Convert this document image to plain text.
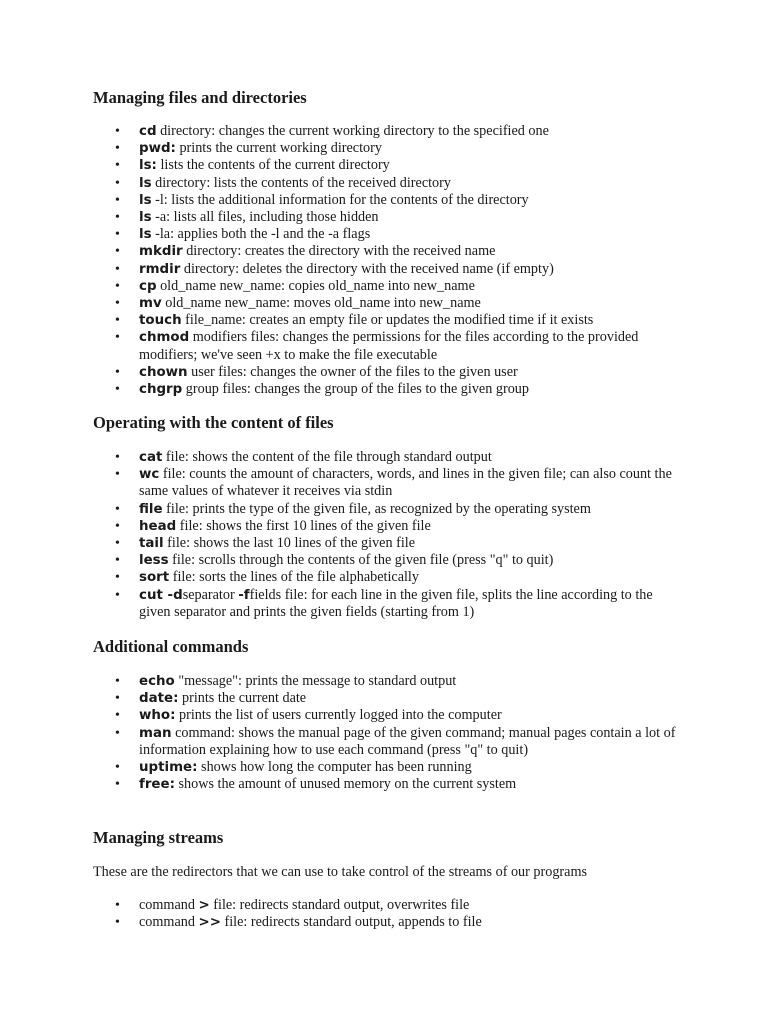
Managing files and directories
• cd directory: changes the current working directory to the specified one
• pwd: prints the current working directory
• ls: lists the contents of the current directory
• ls directory: lists the contents of the received directory
• ls -l: lists the additional information for the contents of the directory
• ls -a: lists all files, including those hidden
• ls -la: applies both the -l and the -a flags
• mkdir directory: creates the directory with the received name
• rmdir directory: deletes the directory with the received name (if empty)
• cp old_name new_name: copies old_name into new_name
• mv old_name new_name: moves old_name into new_name
• touch file_name: creates an empty file or updates the modified time if it exists
• chmod modifiers files: changes the permissions for the files according to the provided modifiers; we've seen +x to make the file executable
• chown user files: changes the owner of the files to the given user
• chgrp group files: changes the group of the files to the given group
Operating with the content of files
• cat file: shows the content of the file through standard output
• wc file: counts the amount of characters, words, and lines in the given file; can also count the same values of whatever it receives via stdin
• file file: prints the type of the given file, as recognized by the operating system
• head file: shows the first 10 lines of the given file
• tail file: shows the last 10 lines of the given file
• less file: scrolls through the contents of the given file (press "q" to quit)
• sort file: sorts the lines of the file alphabetically
• cut -dseparator -ffields file: for each line in the given file, splits the line according to the given separator and prints the given fields (starting from 1)
Additional commands
• echo "message": prints the message to standard output
• date: prints the current date
• who: prints the list of users currently logged into the computer
• man command: shows the manual page of the given command; manual pages contain a lot of information explaining how to use each command (press "q" to quit)
• uptime: shows how long the computer has been running
• free: shows the amount of unused memory on the current system
Managing streams

These are the redirectors that we can use to take control of the streams of our programs

• command > file: redirects standard output, overwrites file
• command >> file: redirects standard output, appends to file
